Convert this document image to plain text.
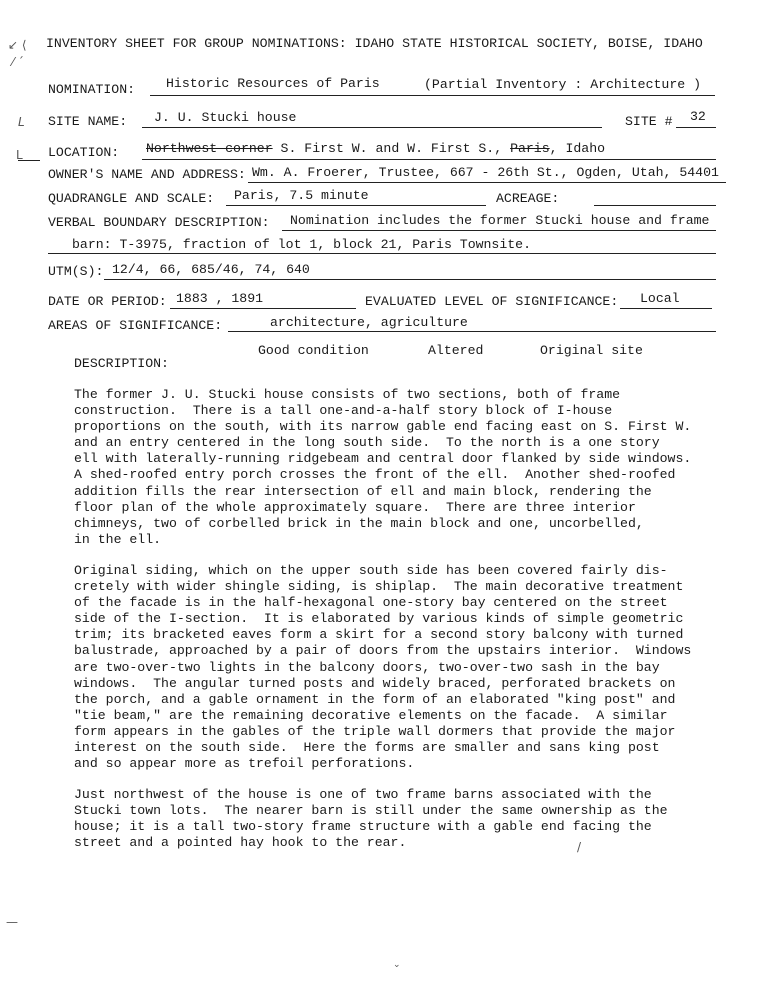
↙ ⟨
⁄ ´
L
L
—
INVENTORY SHEET FOR GROUP NOMINATIONS: IDAHO STATE HISTORICAL SOCIETY, BOISE, IDAHO
NOMINATION: Historic Resources of Paris	(Partial Inventory : Architecture )
SITE NAME: J. U. Stucki house	SITE # 32
LOCATION: Northwest corner S. First W. and W. First S., Paris, Idaho
OWNER'S NAME AND ADDRESS: Wm. A. Froerer, Trustee, 667 - 26th St., Ogden, Utah, 54401
QUADRANGLE AND SCALE: Paris, 7.5 minute	ACREAGE:
VERBAL BOUNDARY DESCRIPTION: Nomination includes the former Stucki house and frame
barn: T-3975, fraction of lot 1, block 21, Paris Townsite.
UTM(S): 12/4, 66, 685/46, 74, 640
DATE OR PERIOD: 1883 , 1891	EVALUATED LEVEL OF SIGNIFICANCE: Local
AREAS OF SIGNIFICANCE:	architecture, agriculture
Good condition	Altered	Original site
DESCRIPTION:
The former J. U. Stucki house consists of two sections, both of frame
construction.  There is a tall one-and-a-half story block of I-house
proportions on the south, with its narrow gable end facing east on S. First W.
and an entry centered in the long south side.  To the north is a one story
ell with laterally-running ridgebeam and central door flanked by side windows.
A shed-roofed entry porch crosses the front of the ell.  Another shed-roofed
addition fills the rear intersection of ell and main block, rendering the
floor plan of the whole approximately square.  There are three interior
chimneys, two of corbelled brick in the main block and one, uncorbelled,
in the ell.
Original siding, which on the upper south side has been covered fairly dis-
cretely with wider shingle siding, is shiplap.  The main decorative treatment
of the facade is in the half-hexagonal one-story bay centered on the street
side of the I-section.  It is elaborated by various kinds of simple geometric
trim; its bracketed eaves form a skirt for a second story balcony with turned
balustrade, approached by a pair of doors from the upstairs interior.  Windows
are two-over-two lights in the balcony doors, two-over-two sash in the bay
windows.  The angular turned posts and widely braced, perforated brackets on
the porch, and a gable ornament in the form of an elaborated "king post" and
"tie beam," are the remaining decorative elements on the facade.  A similar
form appears in the gables of the triple wall dormers that provide the major
interest on the south side.  Here the forms are smaller and sans king post
and so appear more as trefoil perforations.
Just northwest of the house is one of two frame barns associated with the
Stucki town lots.  The nearer barn is still under the same ownership as the
house; it is a tall two-story frame structure with a gable end facing the
street and a pointed hay hook to the rear.	/
⌄
